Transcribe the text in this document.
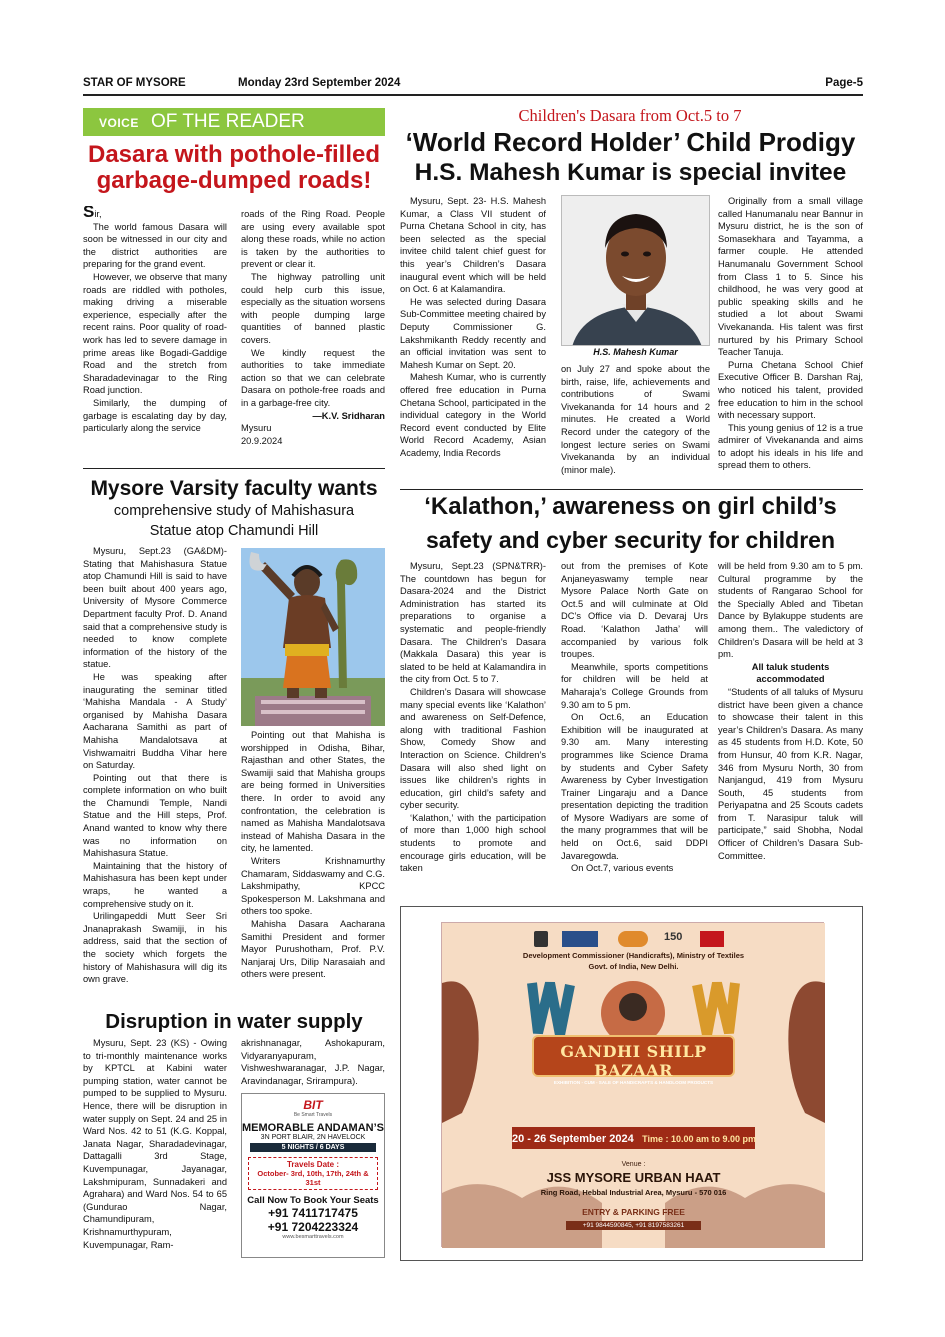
STAR OF MYSORE	Monday 23rd September 2024	Page-5
VOICE OF THE READER
Dasara with pothole-filled
garbage-dumped roads!
Sir,

The world famous Dasara will soon be witnessed in our city and the district authorities are preparing for the grand event.

However, we observe that many roads are riddled with potholes, making driving a miserable experience, especially after the recent rains. Poor quality of road-work has led to severe damage in prime areas like Bogadi-Gaddige Road and the stretch from Sharadadevinagar to the Ring Road junction.

Similarly, the dumping of garbage is escalating day by day, particularly along the service

roads of the Ring Road. People are using every available spot along these roads, while no action is taken by the authorities to prevent or clear it.

The highway patrolling unit could help curb this issue, especially as the situation worsens with people dumping large quantities of banned plastic covers.

We kindly request the authorities to take immediate action so that we can celebrate Dasara on pothole-free roads and in a garbage-free city.

—K.V. Sridharan
Mysuru
20.9.2024
Children's Dasara from Oct.5 to 7
‘World Record Holder’ Child Prodigy
H.S. Mahesh Kumar is special invitee

Mysuru, Sept. 23- H.S. Mahesh Kumar, a Class VII student of Purna Chetana School in city, has been selected as the special invitee child talent chief guest for this year’s Children’s Dasara inaugural event which will be held on Oct. 6 at Kalamandira.

He was selected during Dasara Sub-Committee meeting chaired by Deputy Commissioner G. Lakshmikanth Reddy recently and an official invitation was sent to Mahesh Kumar on Sept. 20.

Mahesh Kumar, who is currently offered free education in Purna Chetana School, participated in the individual category in the World Record event conducted by Elite World Record Academy, Asian Academy, India Records

H.S. Mahesh Kumar

on July 27 and spoke about the birth, raise, life, achievements and contributions of Swami Vivekananda for 14 hours and 2 minutes. He created a World Record under the category of the longest lecture series on Swami Vivekananda by an individual (minor male).

Originally from a small village called Hanumanalu near Bannur in Mysuru district, he is the son of Somasekhara and Tayamma, a farmer couple. He attended Hanumanalu Government School from Class 1 to 5. Since his childhood, he was very good at public speaking skills and he studied a lot about Swami Vivekananda. His talent was first nurtured by his Primary School Teacher Tanuja.

Purna Chetana School Chief Executive Officer B. Darshan Raj, who noticed his talent, provided free education to him in the school with necessary support.

This young genius of 12 is a true admirer of Vivekananda and aims to adopt his ideals in his life and spread them to others.

Mysore Varsity faculty wants
comprehensive study of Mahishasura
Statue atop Chamundi Hill

Mysuru, Sept.23 (GA&DM)- Stating that Mahishasura Statue atop Chamundi Hill is said to have been built about 400 years ago, University of Mysore Commerce Department faculty Prof. D. Anand said that a comprehensive study is needed to know complete information of the history of the statue.

He was speaking after inaugurating the seminar titled ‘Mahisha Mandala - A Study’ organised by Mahisha Dasara Aacharana Samithi as part of Mahisha Mandalotsava at Vishwamaitri Buddha Vihar here on Saturday.

Pointing out that there is complete information on who built the Chamundi Temple, Nandi Statue and the Hill steps, Prof. Anand wanted to know why there was no information on Mahishasura Statue.

Maintaining that the history of Mahishasura has been kept under wraps, he wanted a comprehensive study on it.

Urilingapeddi Mutt Seer Sri Jnanaprakash Swamiji, in his address, said that the section of the society which forgets the history of Mahishasura will dig its own grave.

Pointing out that Mahisha is worshipped in Odisha, Bihar, Rajasthan and other States, the Swamiji said that Mahisha groups are being formed in Universities there. In order to avoid any confrontation, the celebration is named as Mahisha Mandalotsava instead of Mahisha Dasara in the city, he lamented.

Writers Krishnamurthy Chamaram, Siddaswamy and C.G. Lakshmipathy, KPCC Spokesperson M. Lakshmana and others too spoke.

Mahisha Dasara Aacharana Samithi President and former Mayor Purushotham, Prof. P.V. Nanjaraj Urs, Dilip Narasaiah and others were present.

‘Kalathon,’ awareness on girl child’s
safety and cyber security for children

Mysuru, Sept.23 (SPN&TRR)- The countdown has begun for Dasara-2024 and the District Administration has started its preparations to organise a systematic and people-friendly Dasara. The Children’s Dasara (Makkala Dasara) this year is slated to be held at Kalamandira in the city from Oct. 5 to 7.

Children’s Dasara will showcase many special events like ‘Kalathon’ and awareness on Self-Defence, along with traditional Fashion Show, Comedy Show and Interaction on Science. Children’s Dasara will also shed light on issues like children’s rights in education, girl child’s safety and cyber security.

‘Kalathon,’ with the participation of more than 1,000 high school students to promote and encourage girls education, will be taken

out from the premises of Kote Anjaneyaswamy temple near Mysore Palace North Gate on Oct.5 and will culminate at Old DC’s Office via D. Devaraj Urs Road. ‘Kalathon Jatha’ will accompanied by various folk troupes.

Meanwhile, sports competitions for children will be held at Maharaja’s College Grounds from 9.30 am to 5 pm.

On Oct.6, an Education Exhibition will be inaugurated at 9.30 am. Many interesting programmes like Science Drama by students and Cyber Safety Awareness by Cyber Investigation Trainer Lingaraju and a Dance presentation depicting the tradition of Mysore Wadiyars are some of the many programmes that will be held on Oct.6, said DDPI Javaregowda.

On Oct.7, various events

will be held from 9.30 am to 5 pm. Cultural programme by the students of Rangarao School for the Specially Abled and Tibetan Dance by Bylakuppe students are among them.. The valedictory of Children’s Dasara will be held at 3 pm.

All taluk students
accommodated

“Students of all taluks of Mysuru district have been given a chance to showcase their talent in this year’s Children’s Dasara. As many as 45 students from H.D. Kote, 50 from Hunsur, 40 from K.R. Nagar, 346 from Mysuru North, 30 from Nanjangud, 419 from Mysuru South, 45 students from Periyapatna and 25 Scouts cadets from T. Narasipur taluk will participate,” said Shobha, Nodal Officer of Children’s Dasara Sub-Committee.

Disruption in water supply

Mysuru, Sept. 23 (KS) - Owing to tri-monthly maintenance works by KPTCL at Kabini water pumping station, water cannot be pumped to be supplied to Mysuru. Hence, there will be disruption in water supply on Sept. 24 and 25 in Ward Nos. 42 to 51 (K.G. Koppal, Janata Nagar, Sharadadevinagar, Dattagalli 3rd Stage, Kuvempunagar, Jayanagar, Lakshmipuram, Sunnadakeri and Agrahara) and Ward Nos. 54 to 65 (Gundurao Nagar, Chamundipuram, Krishnamurthypuram, Kuvempunagar, Ram-

akrishnanagar, Ashokapuram, Vidyaranyapuram, Vishweshwaranagar, J.P. Nagar, Aravindanagar, Srirampura).

BIT
Be Smart Travels
MEMORABLE ANDAMAN’S
3N PORT BLAIR, 2N HAVELOCK
5 NIGHTS / 6 DAYS
Travels Date :
October- 3rd, 10th, 17th, 24th & 31st
Call Now To Book Your Seats
+91 7411717475
+91 7204223324
www.besmarttravels.com
150
Development Commissioner (Handicrafts), Ministry of Textiles
Govt. of India, New Delhi.
GANDHI SHILP BAZAAR
EXHIBITION - CUM - SALE OF HANDICRAFTS & HANDLOOM PRODUCTS
20 - 26 September 2024 Time : 10.00 am to 9.00 pm
Venue :
JSS MYSORE URBAN HAAT
Ring Road, Hebbal Industrial Area, Mysuru - 570 016
ENTRY & PARKING FREE
+91 9844590845, +91 8197583261
